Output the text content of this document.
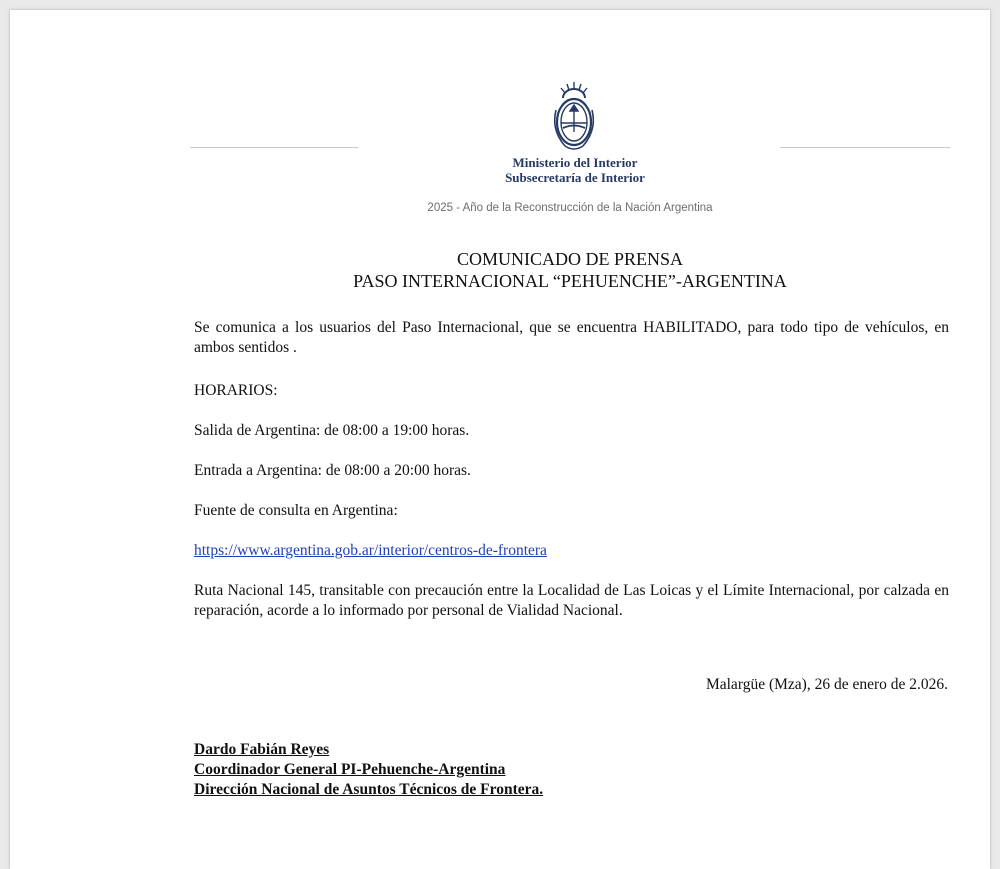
Ministerio del Interior
Subsecretaría de Interior
2025 - Año de la Reconstrucción de la Nación Argentina
COMUNICADO DE PRENSA
PASO INTERNACIONAL “PEHUENCHE”-ARGENTINA

Se comunica a los usuarios del Paso Internacional, que se encuentra HABILITADO, para todo tipo de vehículos, en ambos sentidos .

HORARIOS:

Salida de Argentina: de 08:00 a 19:00 horas.

Entrada a Argentina: de 08:00 a 20:00 horas.

Fuente de consulta en Argentina:

https://www.argentina.gob.ar/interior/centros-de-frontera

Ruta Nacional 145, transitable con precaución entre la Localidad de Las Loicas y el Límite Internacional, por calzada en reparación, acorde a lo informado por personal de Vialidad Nacional.

Malargüe (Mza), 26 de enero de 2.026.
Dardo Fabián Reyes
Coordinador General PI-Pehuenche-Argentina
Dirección Nacional de Asuntos Técnicos de Frontera.
